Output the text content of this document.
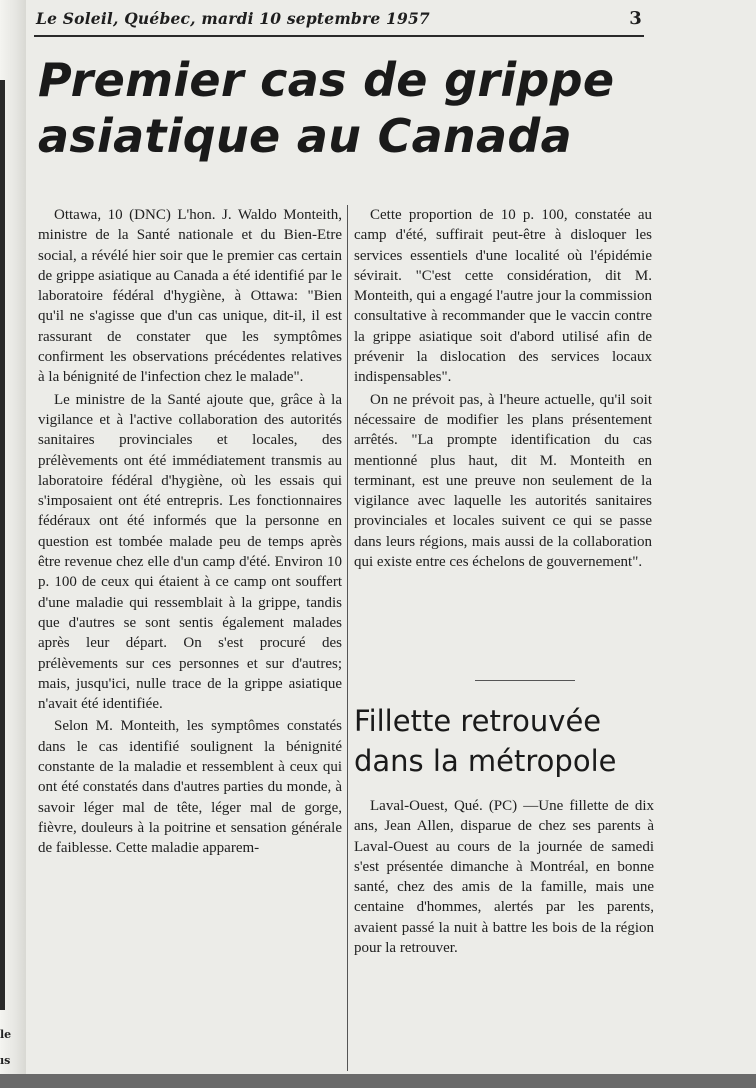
le
ıs
Le Soleil, Québec, mardi 10 septembre 1957	3
Premier cas de grippe
asiatique au Canada

Ottawa, 10 (DNC) L'hon. J. Waldo Monteith, ministre de la Santé nationale et du Bien-Etre social, a révélé hier soir que le premier cas certain de grippe asiatique au Canada a été identifié par le laboratoire fédéral d'hygiène, à Ottawa: "Bien qu'il ne s'agisse que d'un cas unique, dit-il, il est rassurant de constater que les symptômes confirment les observations précédentes relatives à la bénignité de l'infection chez le malade".

Le ministre de la Santé ajoute que, grâce à la vigilance et à l'active collaboration des autorités sanitaires provinciales et locales, des prélèvements ont été immédiatement transmis au laboratoire fédéral d'hygiène, où les essais qui s'imposaient ont été entrepris. Les fonctionnaires fédéraux ont été informés que la personne en question est tombée malade peu de temps après être revenue chez elle d'un camp d'été. Environ 10 p. 100 de ceux qui étaient à ce camp ont souffert d'une maladie qui ressemblait à la grippe, tandis que d'autres se sont sentis également malades après leur départ. On s'est procuré des prélèvements sur ces personnes et sur d'autres; mais, jusqu'ici, nulle trace de la grippe asiatique n'avait été identifiée.

Selon M. Monteith, les symptômes constatés dans le cas identifié soulignent la bénignité constante de la maladie et ressemblent à ceux qui ont été constatés dans d'autres parties du monde, à savoir léger mal de tête, léger mal de gorge, fièvre, douleurs à la poitrine et sensation générale de faiblesse. Cette maladie apparem-

Cette proportion de 10 p. 100, constatée au camp d'été, suffirait peut-être à disloquer les services essentiels d'une localité où l'épidémie sévirait. "C'est cette considération, dit M. Monteith, qui a engagé l'autre jour la commission consultative à recommander que le vaccin contre la grippe asiatique soit d'abord utilisé afin de prévenir la dislocation des services locaux indispensables".

On ne prévoit pas, à l'heure actuelle, qu'il soit nécessaire de modifier les plans présentement arrêtés. "La prompte identification du cas mentionné plus haut, dit M. Monteith en terminant, est une preuve non seulement de la vigilance avec laquelle les autorités sanitaires provinciales et locales suivent ce qui se passe dans leurs régions, mais aussi de la collaboration qui existe entre ces échelons de gouvernement".

Fillette retrouvée dans la métropole

Laval-Ouest, Qué. (PC) —Une fillette de dix ans, Jean Allen, disparue de chez ses parents à Laval-Ouest au cours de la journée de samedi s'est présentée dimanche à Montréal, en bonne santé, chez des amis de la famille, mais une centaine d'hommes, alertés par les parents, avaient passé la nuit à battre les bois de la région pour la retrouver.
